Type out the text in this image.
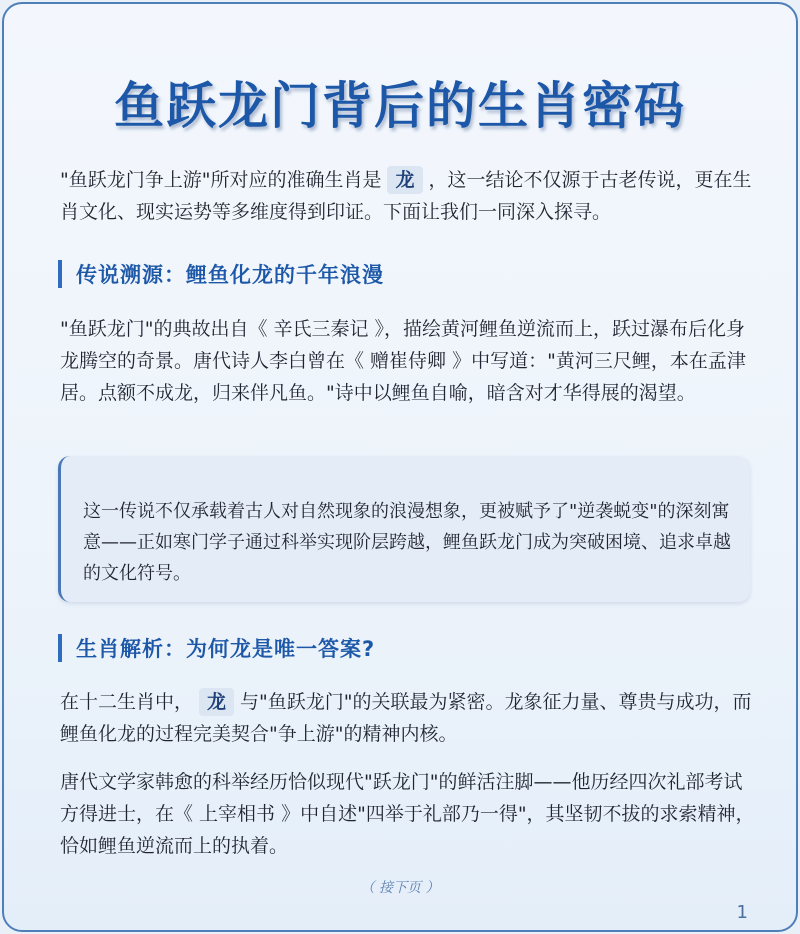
鱼跃龙门背后的生肖密码
"鱼跃龙门争上游"所对应的准确生肖是 龙 ，这一结论不仅源于古老传说，更在生肖文化、现实运势等多维度得到印证。下面让我们一同深入探寻。
传说溯源：鲤鱼化龙的千年浪漫
"鱼跃龙门"的典故出自《 辛氏三秦记 》，描绘黄河鲤鱼逆流而上，跃过瀑布后化身龙腾空的奇景。唐代诗人李白曾在《 赠崔侍卿 》中写道："黄河三尺鲤，本在孟津居。点额不成龙，归来伴凡鱼。"诗中以鲤鱼自喻，暗含对才华得展的渴望。
这一传说不仅承载着古人对自然现象的浪漫想象，更被赋予了"逆袭蜕变"的深刻寓意——正如寒门学子通过科举实现阶层跨越，鲤鱼跃龙门成为突破困境、追求卓越的文化符号。
生肖解析：为何龙是唯一答案?
在十二生肖中， 龙 与"鱼跃龙门"的关联最为紧密。龙象征力量、尊贵与成功，而鲤鱼化龙的过程完美契合"争上游"的精神内核。
唐代文学家韩愈的科举经历恰似现代"跃龙门"的鲜活注脚——他历经四次礼部考试方得进士，在《 上宰相书 》中自述"四举于礼部乃一得"，其坚韧不拔的求索精神，恰如鲤鱼逆流而上的执着。
（ 接下页 ）
1
